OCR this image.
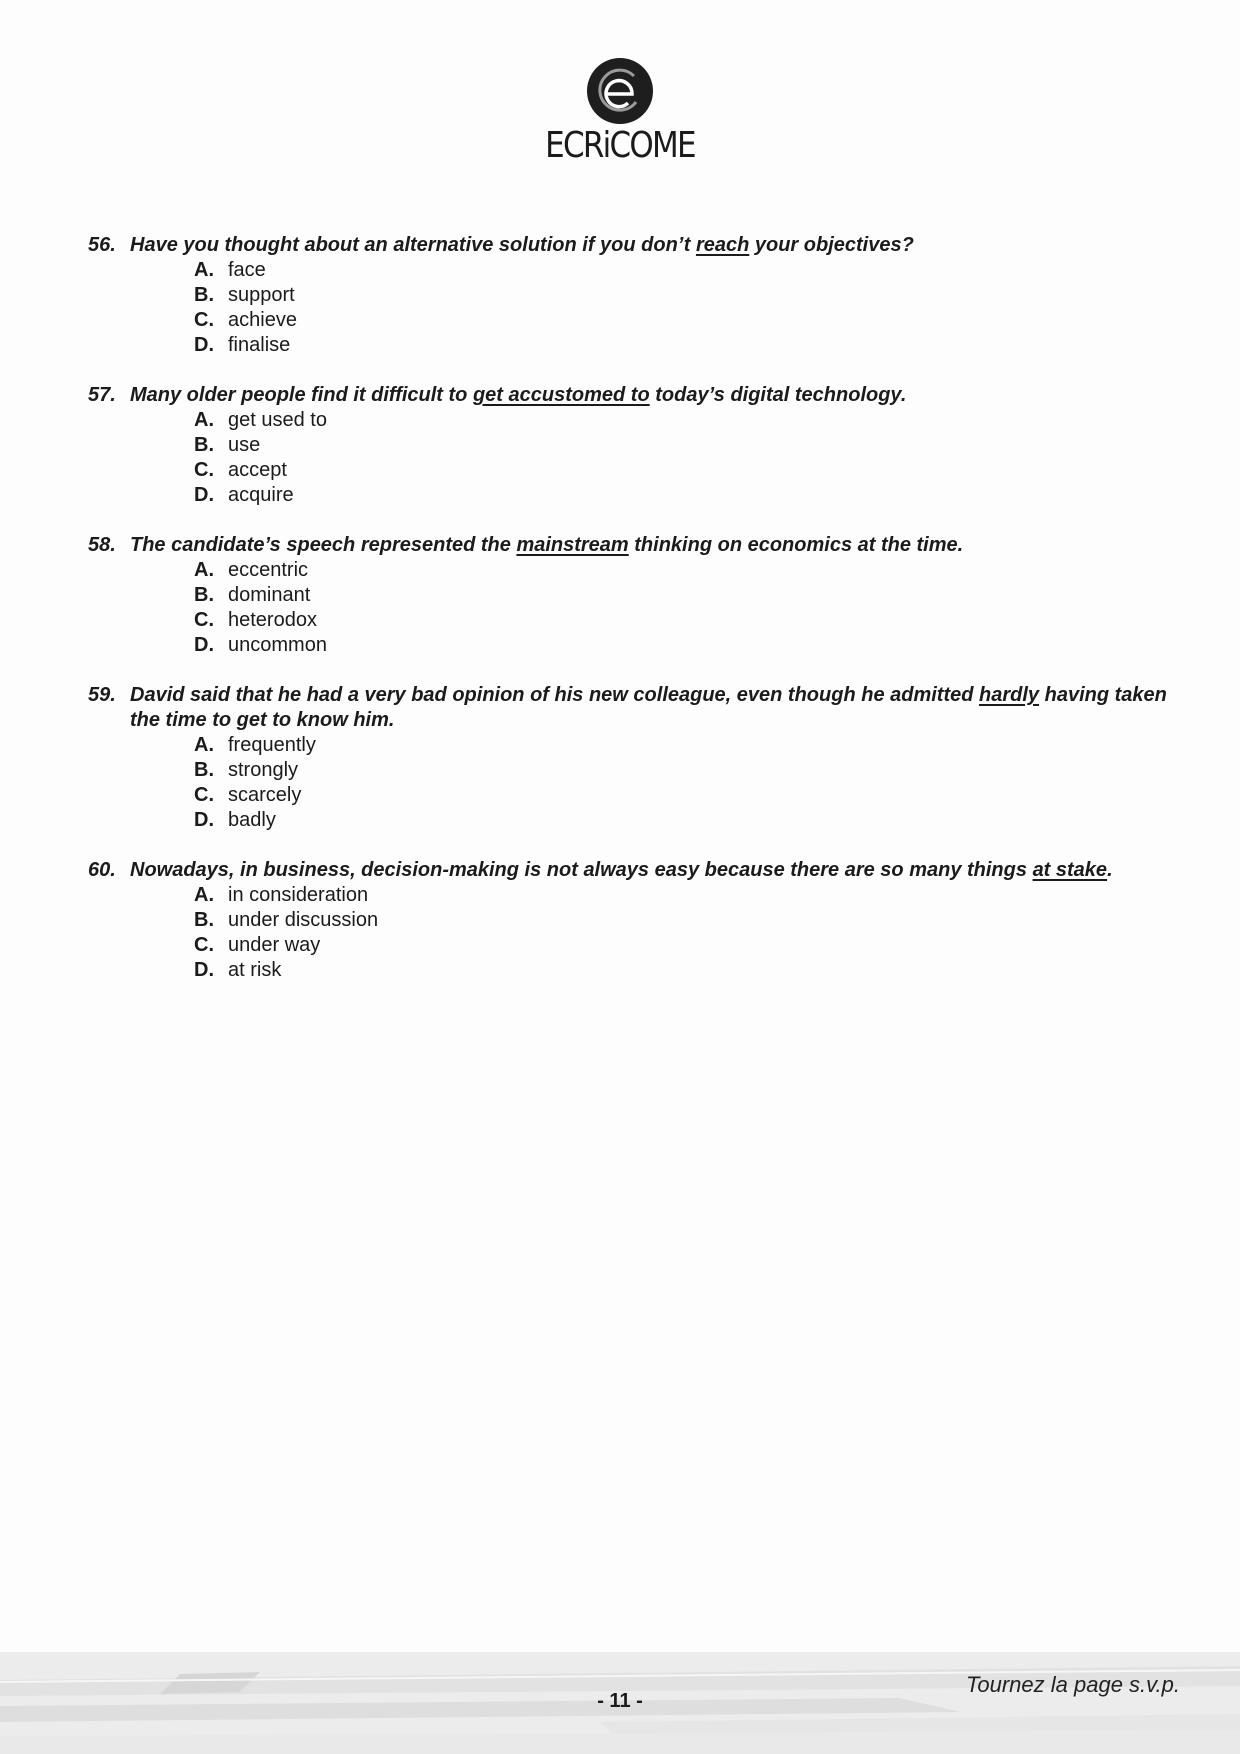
ECRiCOME
56. Have you thought about an alternative solution if you don’t reach your objectives?
A. face
B. support
C. achieve
D. finalise
57. Many older people find it difficult to get accustomed to today’s digital technology.
A. get used to
B. use
C. accept
D. acquire
58. The candidate’s speech represented the mainstream thinking on economics at the time.
A. eccentric
B. dominant
C. heterodox
D. uncommon
59. David said that he had a very bad opinion of his new colleague, even though he admitted hardly having taken the time to get to know him.
A. frequently
B. strongly
C. scarcely
D. badly
60. Nowadays, in business, decision-making is not always easy because there are so many things at stake.
A. in consideration
B. under discussion
C. under way
D. at risk
Tournez la page s.v.p.
- 11 -
